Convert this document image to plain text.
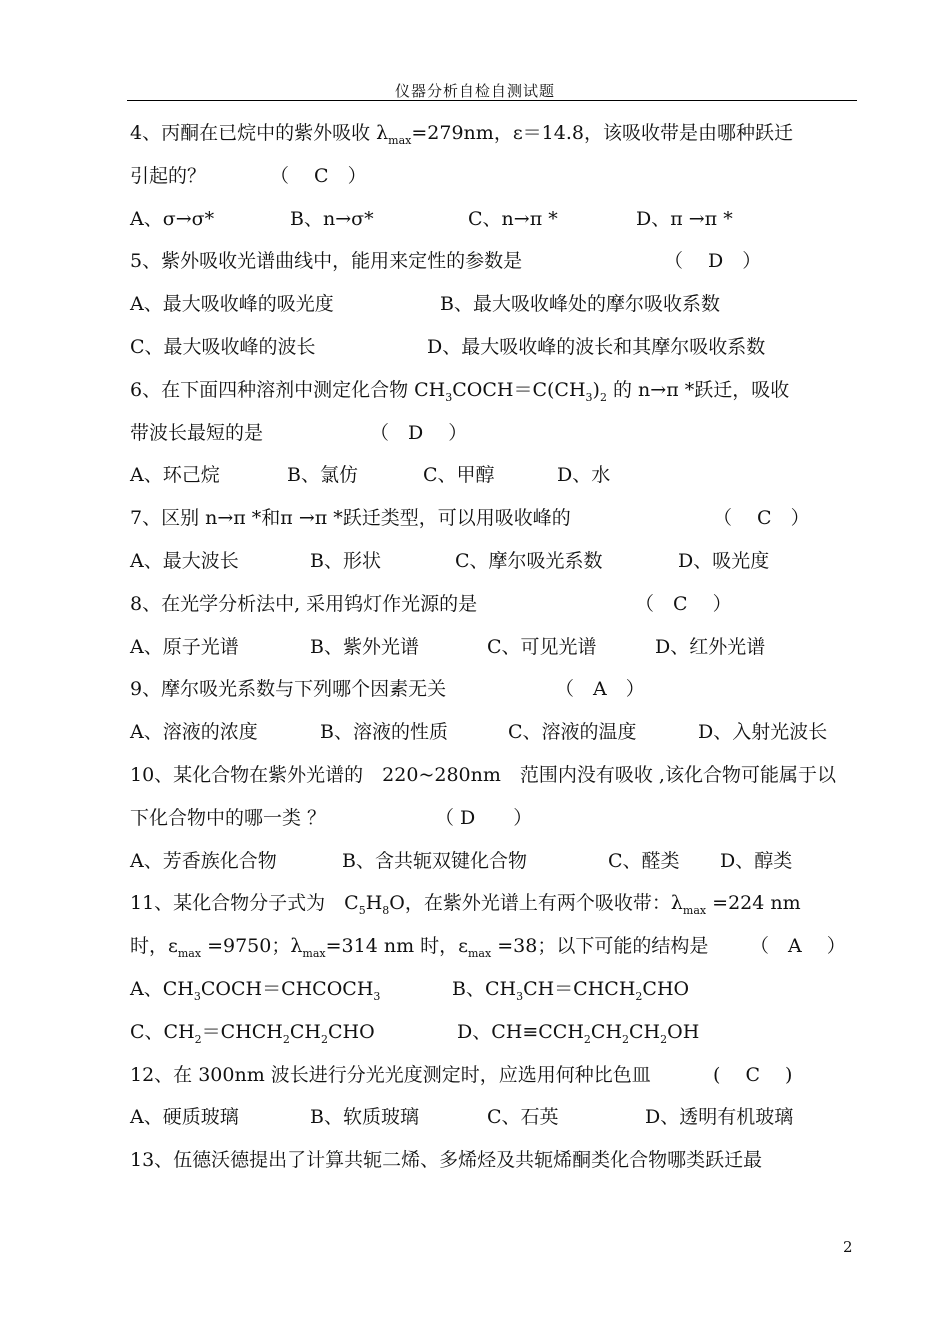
仪器分析自检自测试题
4、丙酮在已烷中的紫外吸收 $\lambda_{max}=279nm$，ε＝14.8，该吸收带是由哪种跃迁
引起的？	（　 C　）
A、σ→σ*	B、n→σ*	C、n→π *	D、π →π *
5、紫外吸收光谱曲线中，能用来定性的参数是	（　 D　）
A、最大吸收峰的吸光度	B、最大吸收峰处的摩尔吸收系数
C、最大吸收峰的波长	D、最大吸收峰的波长和其摩尔吸收系数
6、在下面四种溶剂中测定化合物 $CH_3COCH=C(CH_3)_2$ 的 n→π *跃迁，吸收
带波长最短的是	（　D　 ）
A、环己烷	B、氯仿	C、甲醇	D、水
7、区别 n→π *和π →π *跃迁类型，可以用吸收峰的	（　 C　）
A、最大波长	B、形状	C、摩尔吸光系数	D、吸光度
8、在光学分析法中, 采用钨灯作光源的是	（　C　 ）
A、原子光谱	B、紫外光谱	C、可见光谱	D、红外光谱
9、摩尔吸光系数与下列哪个因素无关	（　A　）
A、溶液的浓度	B、溶液的性质	C、溶液的温度	D、入射光波长
10、某化合物在紫外光谱的　220~280nm　范围内没有吸收 ,该化合物可能属于以
下化合物中的哪一类 ？	（ D　　）
A、芳香族化合物	B、含共轭双键化合物	C、醛类 D、醇类
11、某化合物分子式为　$C_5H_8O$，在紫外光谱上有两个吸收带：$\lambda_{max} =224$ nm
时，$\varepsilon_{max} =9750$；$\lambda_{max}=314$ nm 时，$\varepsilon_{max} =38$；以下可能的结构是 （　A　 ）
A、$CH_3COCH=CHCOCH_3$	B、$CH_3CH=CHCH_2CHO$
C、$CH_2=CHCH_2CH_2CHO$	D、$CH\equiv CCH_2CH_2CH_2OH$
12、在 300nm 波长进行分光光度测定时，应选用何种比色皿	(　 C　 )
A、硬质玻璃	B、软质玻璃	C、石英	D、透明有机玻璃
13、伍德沃德提出了计算共轭二烯、多烯烃及共轭烯酮类化合物哪类跃迁最
2
